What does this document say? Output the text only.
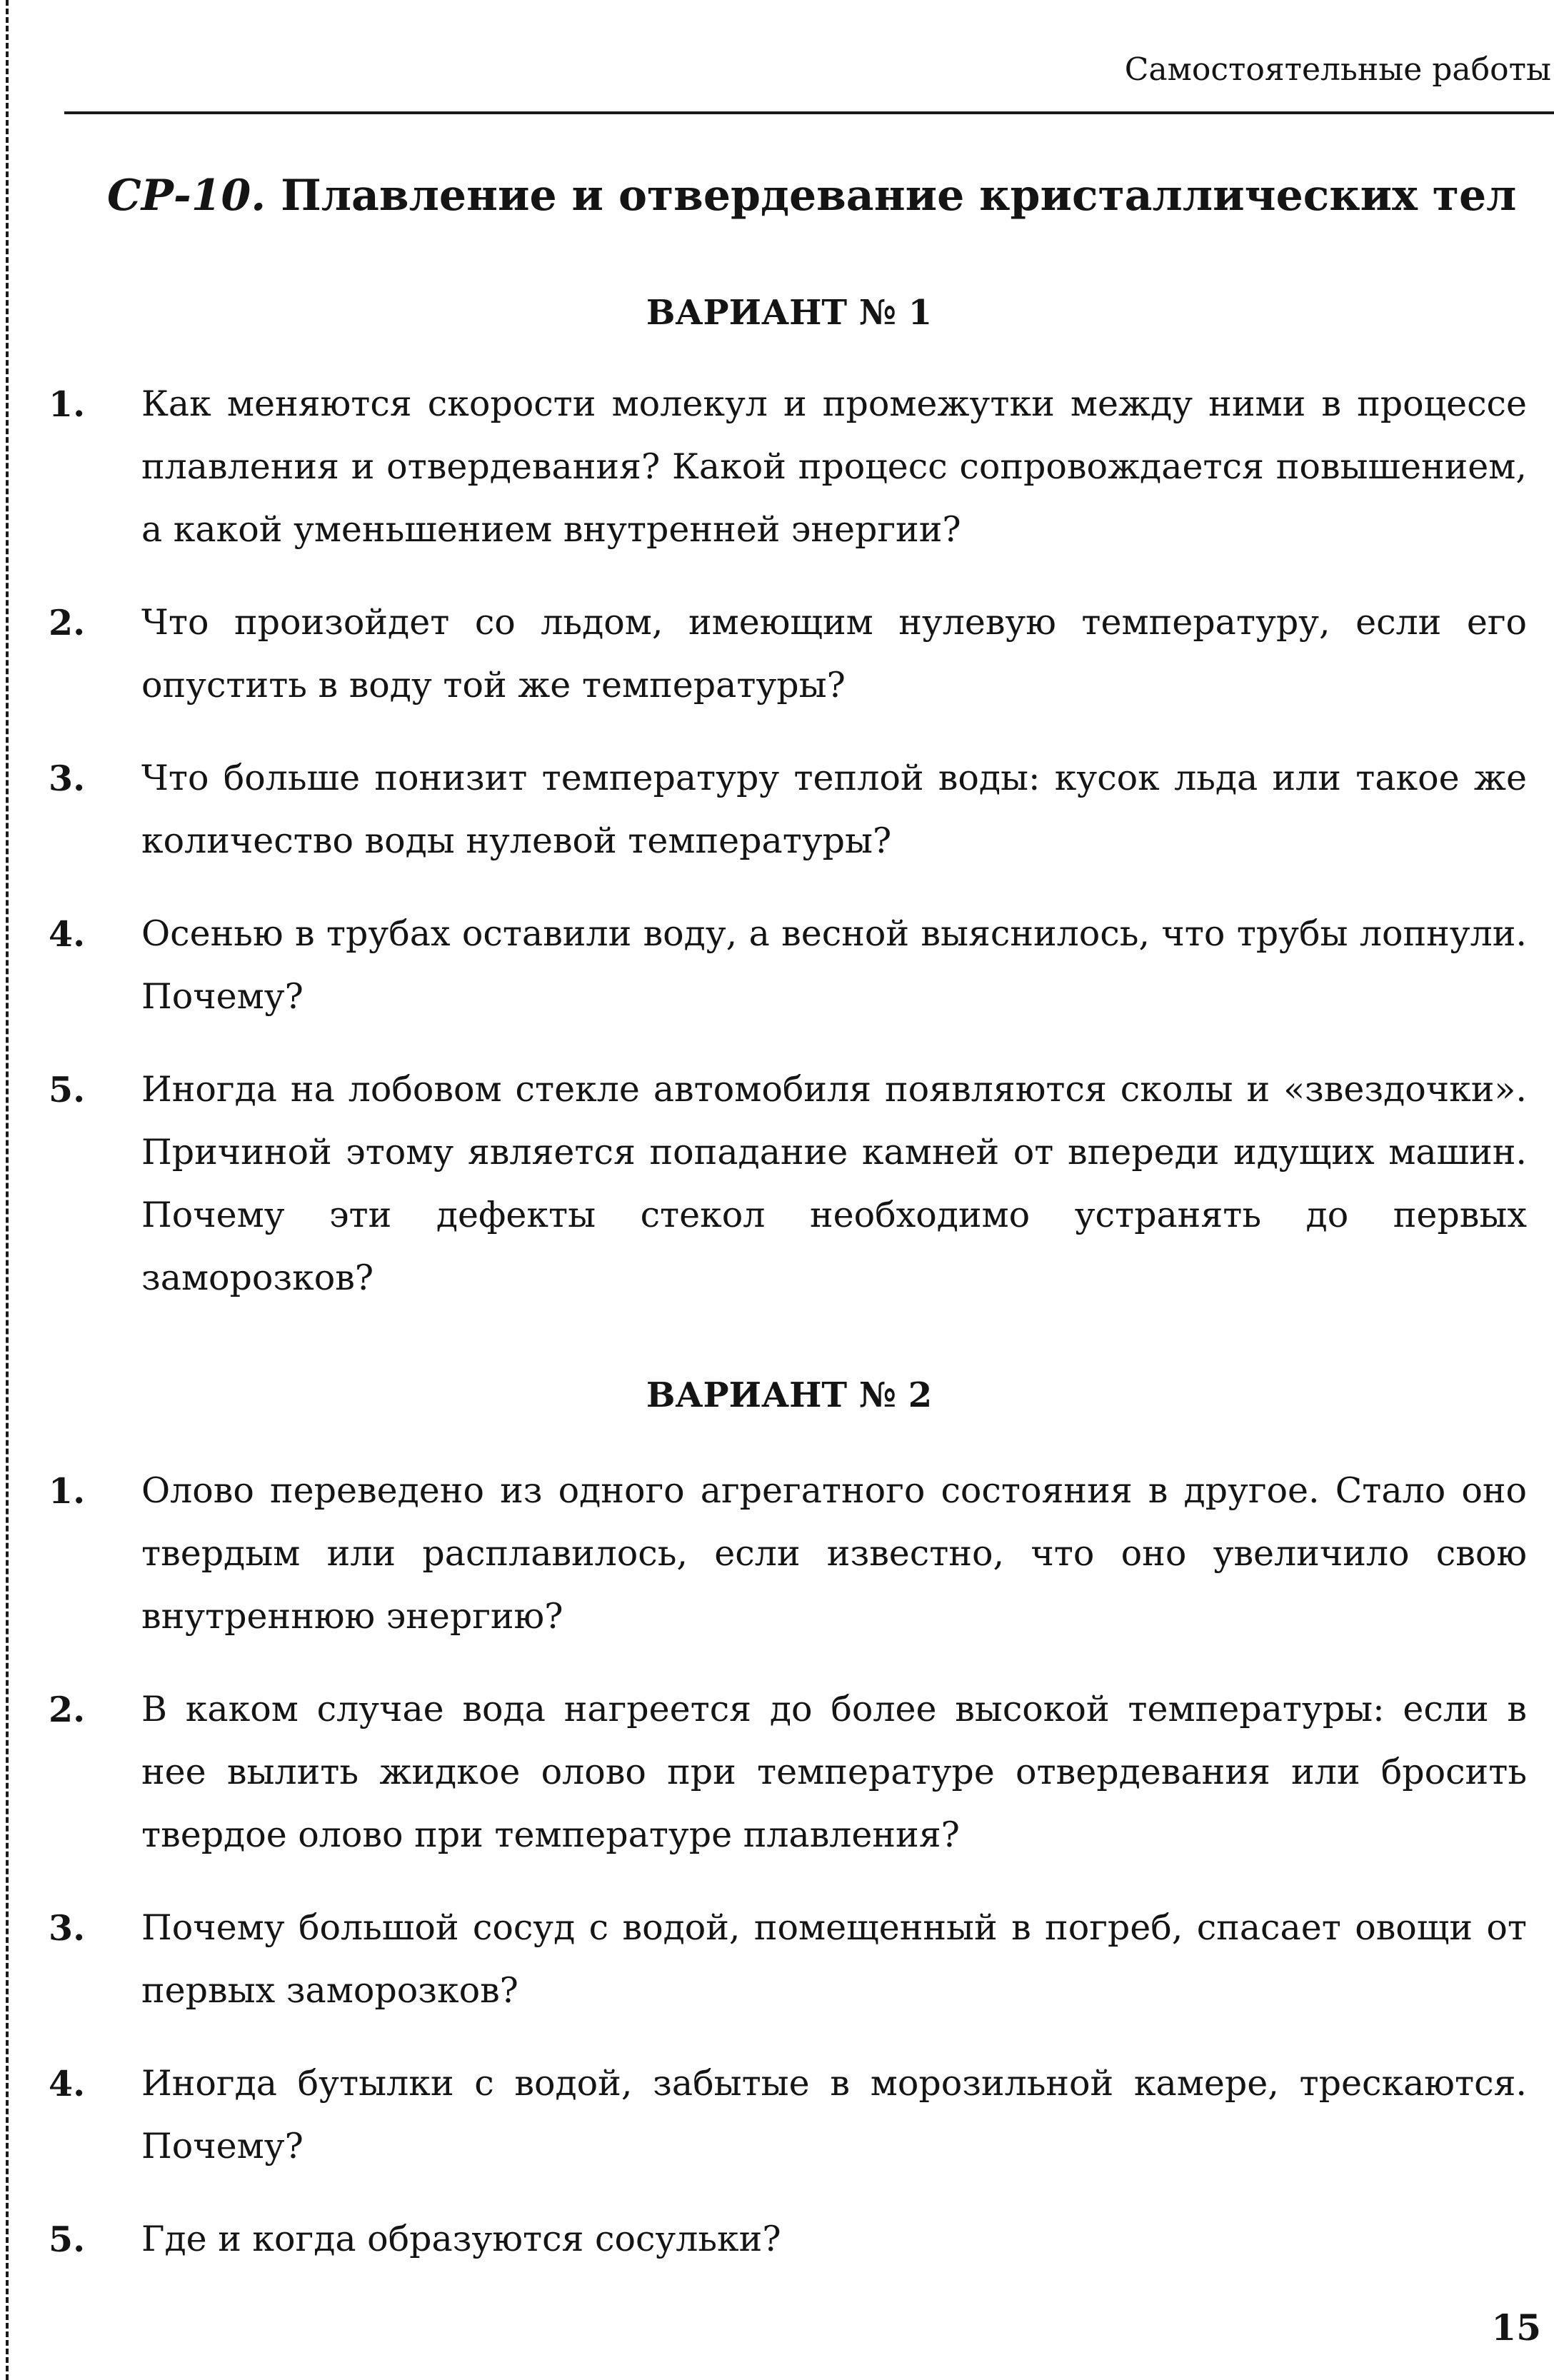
Самостоятельные работы
СР-10. Плавление и отвердевание кристаллических тел
ВАРИАНТ № 1
1.	Как меняются скорости молекул и промежутки между ними в процессе плавления и отвердевания? Какой процесс сопровождается повышением, а какой уменьшением внутренней энергии?
2.	Что произойдет со льдом, имеющим нулевую температуру, если его опустить в воду той же температуры?
3.	Что больше понизит температуру теплой воды: кусок льда или такое же количество воды нулевой температуры?
4.	Осенью в трубах оставили воду, а весной выяснилось, что трубы лопнули. Почему?
5.	Иногда на лобовом стекле автомобиля появляются сколы и «звездочки». Причиной этому является попадание камней от впереди идущих машин. Почему эти дефекты стекол необходимо устранять до первых заморозков?
ВАРИАНТ № 2
1.	Олово переведено из одного агрегатного состояния в другое. Стало оно твердым или расплавилось, если известно, что оно увеличило свою внутреннюю энергию?
2.	В каком случае вода нагреется до более высокой температуры: если в нее вылить жидкое олово при температуре отвердевания или бросить твердое олово при температуре плавления?
3.	Почему большой сосуд с водой, помещенный в погреб, спасает овощи от первых заморозков?
4.	Иногда бутылки с водой, забытые в морозильной камере, трескаются. Почему?
5.	Где и когда образуются сосульки?
15
